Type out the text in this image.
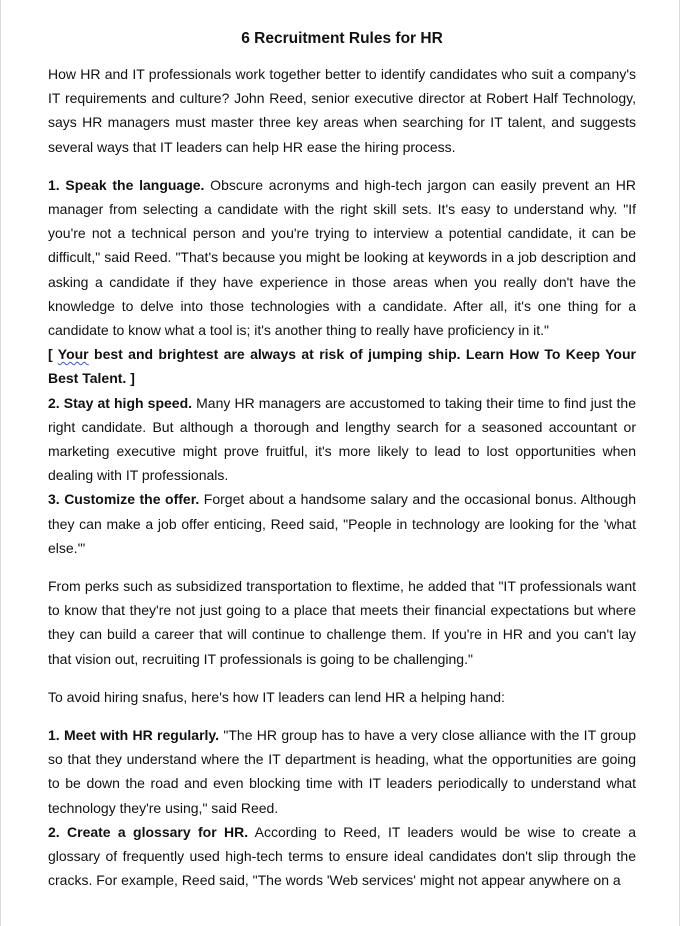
6 Recruitment Rules for HR

How HR and IT professionals work together better to identify candidates who suit a company's IT requirements and culture? John Reed, senior executive director at Robert Half Technology, says HR managers must master three key areas when searching for IT talent, and suggests several ways that IT leaders can help HR ease the hiring process.

1. Speak the language. Obscure acronyms and high-tech jargon can easily prevent an HR manager from selecting a candidate with the right skill sets. It's easy to understand why. "If you're not a technical person and you're trying to interview a potential candidate, it can be difficult," said Reed. "That's because you might be looking at keywords in a job description and asking a candidate if they have experience in those areas when you really don't have the knowledge to delve into those technologies with a candidate. After all, it's one thing for a candidate to know what a tool is; it's another thing to really have proficiency in it."

[ Your best and brightest are always at risk of jumping ship. Learn How To Keep Your Best Talent. ]

2. Stay at high speed. Many HR managers are accustomed to taking their time to find just the right candidate. But although a thorough and lengthy search for a seasoned accountant or marketing executive might prove fruitful, it's more likely to lead to lost opportunities when dealing with IT professionals.

3. Customize the offer. Forget about a handsome salary and the occasional bonus. Although they can make a job offer enticing, Reed said, "People in technology are looking for the 'what else.'"

From perks such as subsidized transportation to flextime, he added that "IT professionals want to know that they're not just going to a place that meets their financial expectations but where they can build a career that will continue to challenge them. If you're in HR and you can't lay that vision out, recruiting IT professionals is going to be challenging."

To avoid hiring snafus, here's how IT leaders can lend HR a helping hand:

1. Meet with HR regularly. "The HR group has to have a very close alliance with the IT group so that they understand where the IT department is heading, what the opportunities are going to be down the road and even blocking time with IT leaders periodically to understand what technology they're using," said Reed.

2. Create a glossary for HR. According to Reed, IT leaders would be wise to create a glossary of frequently used high-tech terms to ensure ideal candidates don't slip through the cracks. For example, Reed said, "The words 'Web services' might not appear anywhere on a
